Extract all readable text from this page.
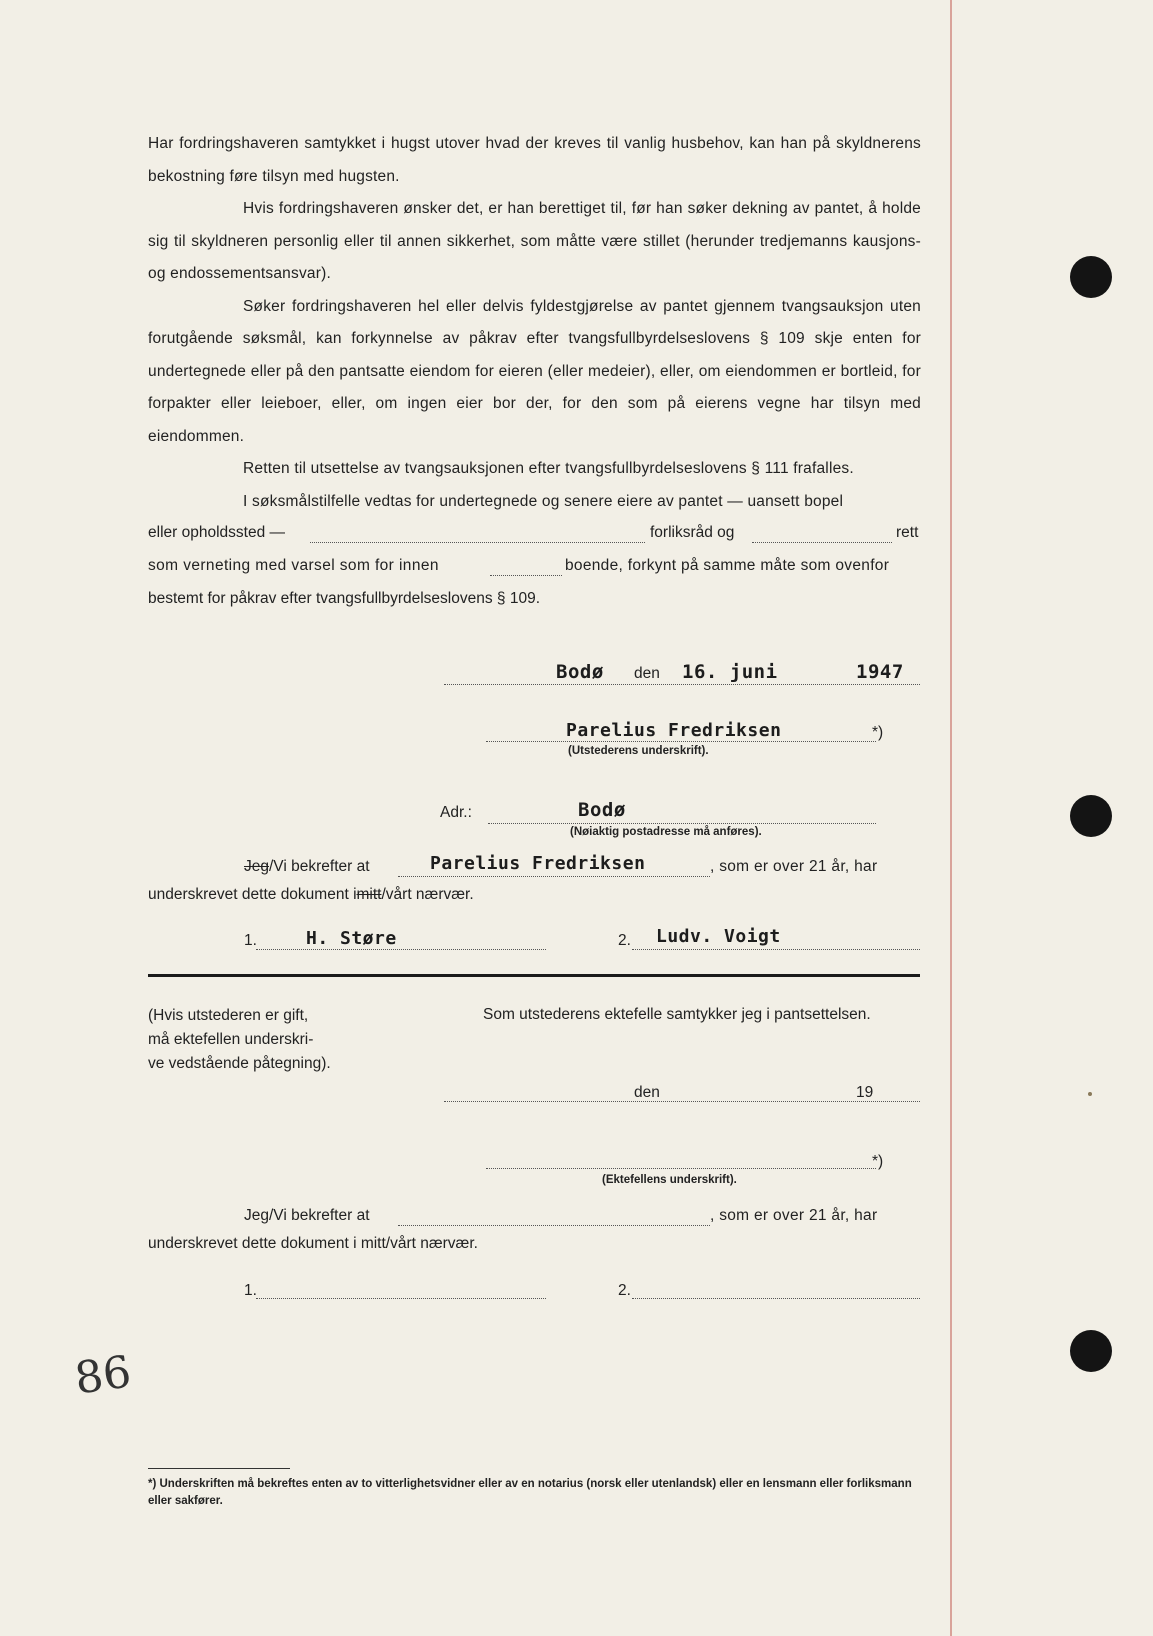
Har fordringshaveren samtykket i hugst utover hvad der kreves til vanlig husbehov, kan han på skyldnerens bekostning føre tilsyn med hugsten.

Hvis fordringshaveren ønsker det, er han berettiget til, før han søker dekning av pantet, å holde sig til skyldneren personlig eller til annen sikkerhet, som måtte være stillet (herunder tredjemanns kausjons- og endossementsansvar).

Søker fordringshaveren hel eller delvis fyldestgjørelse av pantet gjennem tvangsauksjon uten forutgående søksmål, kan forkynnelse av påkrav efter tvangsfullbyrdelseslovens § 109 skje enten for undertegnede eller på den pantsatte eiendom for eieren (eller medeier), eller, om eiendommen er bortleid, for forpakter eller leieboer, eller, om ingen eier bor der, for den som på eierens vegne har tilsyn med eiendommen.

Retten til utsettelse av tvangsauksjonen efter tvangsfullbyrdelseslovens § 111 frafalles.

I søksmålstilfelle vedtas for undertegnede og senere eiere av pantet — uansett bopel

eller opholdssted —	forliksråd og	rett
som verneting med varsel som for innen	boende, forkynt på samme måte som ovenfor
bestemt for påkrav efter tvangsfullbyrdelseslovens § 109.
Bodø den 16. juni	1947
Parelius Fredriksen	*)
(Utstederens underskrift).
Adr.:	Bodø
(Nøiaktig postadresse må anføres).
Jeg/Vi bekrefter at	Parelius Fredriksen	, som er over 21 år, har
underskrevet dette dokument imitt/vårt nærvær.
1.	H. Støre	2. Ludv. Voigt
(Hvis utstederen er gift,
må ektefellen underskri-
ve vedstående påtegning).
Som utstederens ektefelle samtykker jeg i pantsettelsen.
den	19
*)
(Ektefellens underskrift).
Jeg/Vi bekrefter at	, som er over 21 år, har
underskrevet dette dokument i mitt/vårt nærvær.
1.	2.
86
*) Underskriften må bekreftes enten av to vitterlighetsvidner eller av en notarius (norsk eller utenlandsk) eller en lensmann eller forliksmann eller sakfører.
